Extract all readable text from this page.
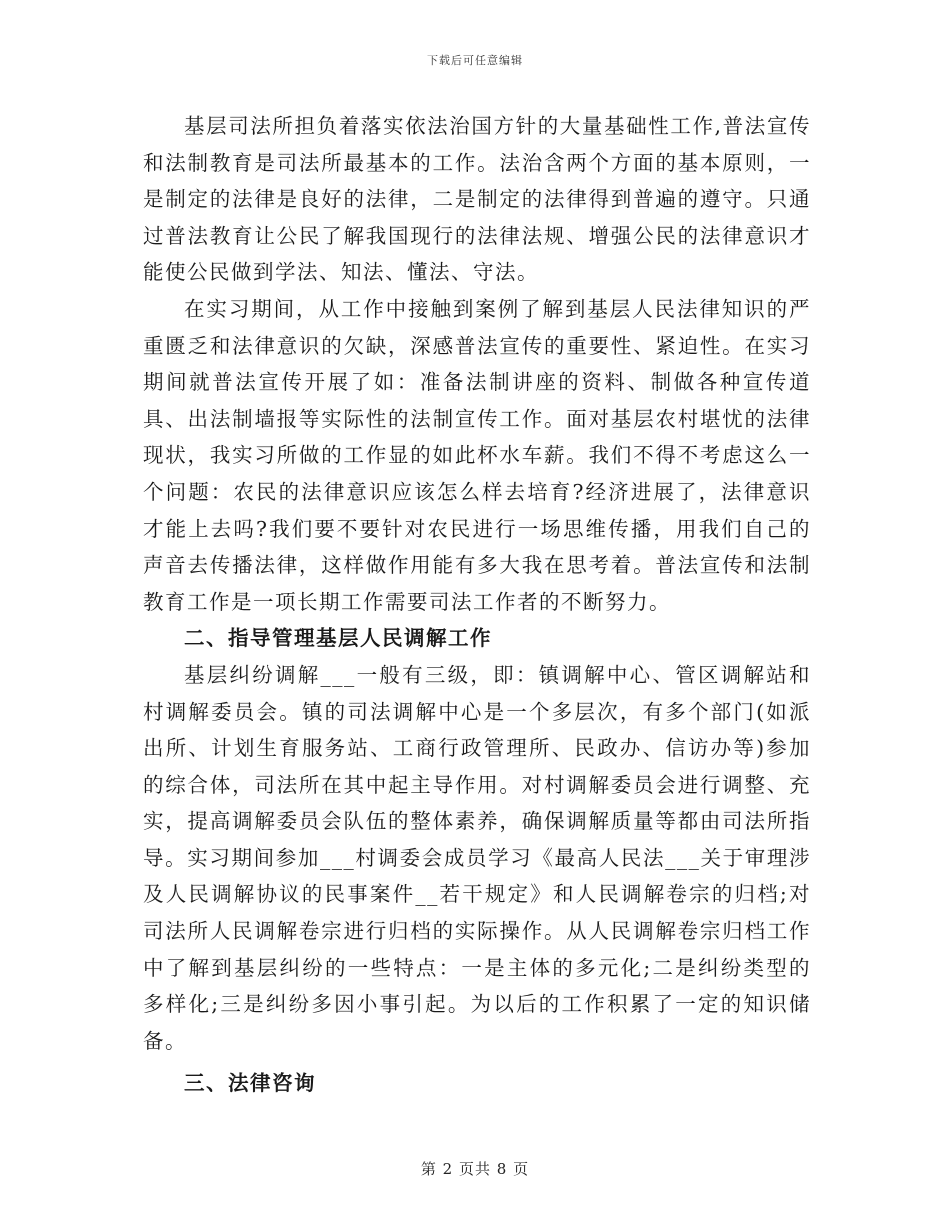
下载后可任意编辑

基层司法所担负着落实依法治国方针的大量基础性工作,普法宣传和法制教育是司法所最基本的工作。法治含两个方面的基本原则，一是制定的法律是良好的法律，二是制定的法律得到普遍的遵守。只通过普法教育让公民了解我国现行的法律法规、增强公民的法律意识才能使公民做到学法、知法、懂法、守法。

在实习期间，从工作中接触到案例了解到基层人民法律知识的严重匮乏和法律意识的欠缺，深感普法宣传的重要性、紧迫性。在实习期间就普法宣传开展了如：准备法制讲座的资料、制做各种宣传道具、出法制墙报等实际性的法制宣传工作。面对基层农村堪忧的法律现状，我实习所做的工作显的如此杯水车薪。我们不得不考虑这么一个问题：农民的法律意识应该怎么样去培育?经济进展了，法律意识才能上去吗?我们要不要针对农民进行一场思维传播，用我们自己的声音去传播法律，这样做作用能有多大我在思考着。普法宣传和法制教育工作是一项长期工作需要司法工作者的不断努力。

二、指导管理基层人民调解工作

基层纠纷调解___一般有三级，即：镇调解中心、管区调解站和村调解委员会。镇的司法调解中心是一个多层次，有多个部门(如派出所、计划生育服务站、工商行政管理所、民政办、信访办等)参加的综合体，司法所在其中起主导作用。对村调解委员会进行调整、充实，提高调解委员会队伍的整体素养，确保调解质量等都由司法所指导。实习期间参加___村调委会成员学习《最高人民法___关于审理涉及人民调解协议的民事案件__若干规定》和人民调解卷宗的归档;对司法所人民调解卷宗进行归档的实际操作。从人民调解卷宗归档工作中了解到基层纠纷的一些特点：一是主体的多元化;二是纠纷类型的多样化;三是纠纷多因小事引起。为以后的工作积累了一定的知识储备。

三、法律咨询

第 2 页共 8 页
